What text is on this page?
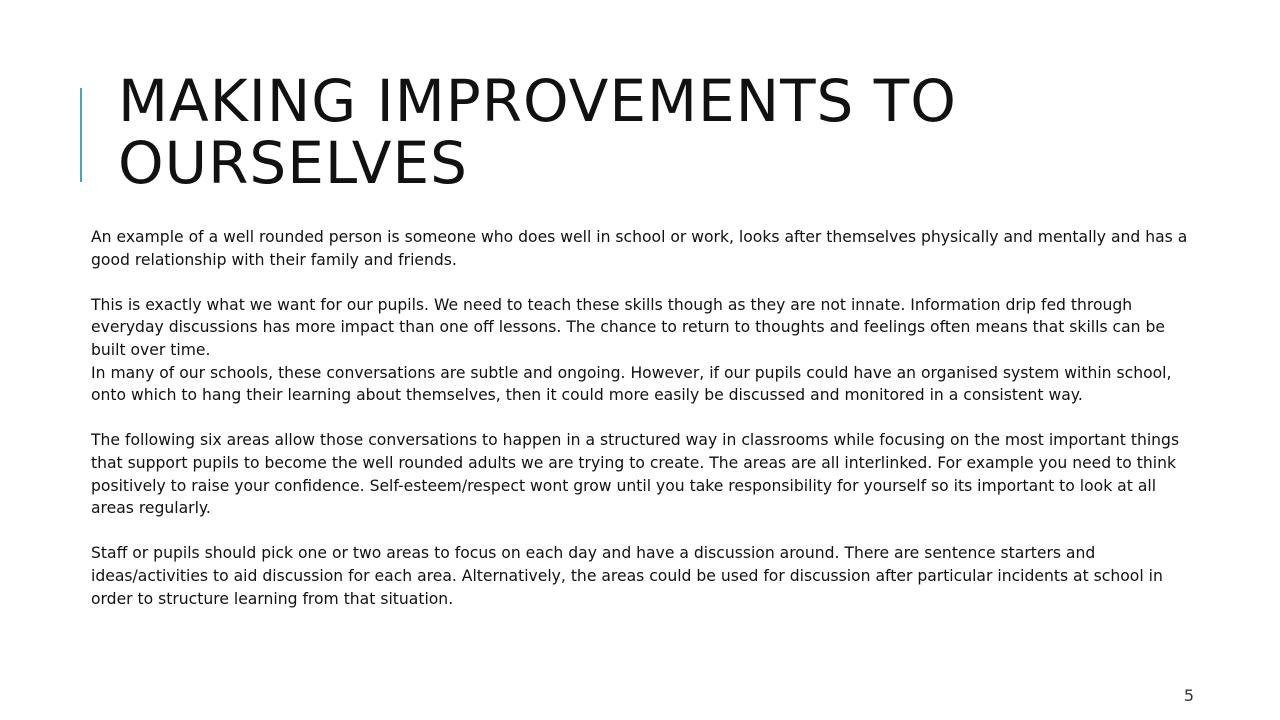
MAKING IMPROVEMENTS TO
OURSELVES

An example of a well rounded person is someone who does well in school or work, looks after themselves physically and mentally and has a good relationship with their family and friends.

This is exactly what we want for our pupils. We need to teach these skills though as they are not innate. Information drip fed through everyday discussions has more impact than one off lessons. The chance to return to thoughts and feelings often means that skills can be built over time.

In many of our schools, these conversations are subtle and ongoing. However, if our pupils could have an organised system within school, onto which to hang their learning about themselves, then it could more easily be discussed and monitored in a consistent way.

The following six areas allow those conversations to happen in a structured way in classrooms while focusing on the most important things that support pupils to become the well rounded adults we are trying to create. The areas are all interlinked. For example you need to think positively to raise your confidence. Self-esteem/respect wont grow until you take responsibility for yourself so its important to look at all areas regularly.

Staff or pupils should pick one or two areas to focus on each day and have a discussion around. There are sentence starters and ideas/activities to aid discussion for each area. Alternatively, the areas could be used for discussion after particular incidents at school in order to structure learning from that situation.

5
